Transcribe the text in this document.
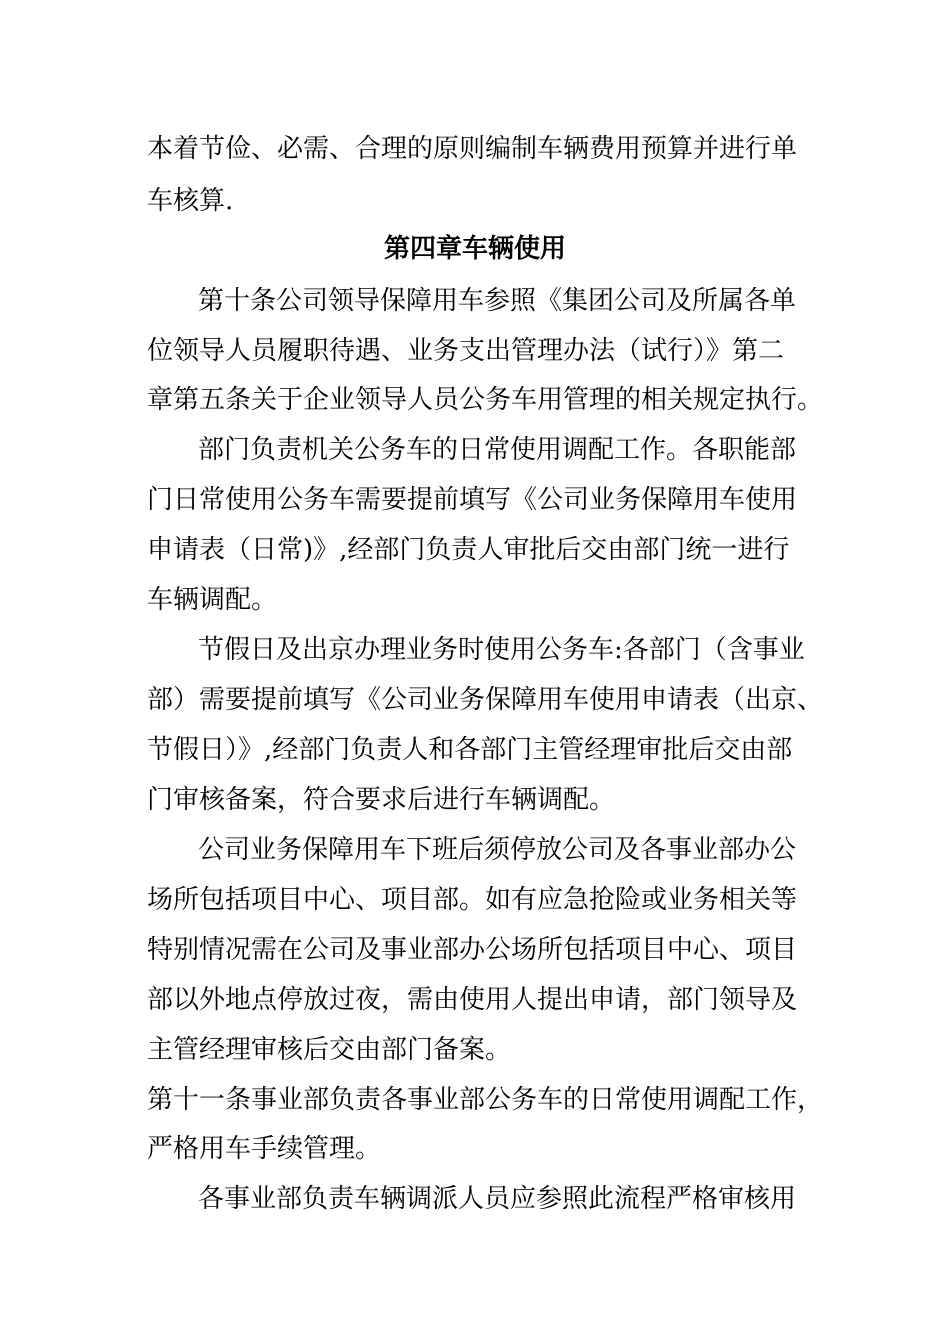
本着节俭、必需、合理的原则编制车辆费用预算并进行单
车核算.
第四章车辆使用
第十条公司领导保障用车参照《集团公司及所属各单
位领导人员履职待遇、业务支出管理办法（试行）》第二
章第五条关于企业领导人员公务车用管理的相关规定执行。
部门负责机关公务车的日常使用调配工作。各职能部
门日常使用公务车需要提前填写《公司业务保障用车使用
申请表（日常)》,经部门负责人审批后交由部门统一进行
车辆调配。
节假日及出京办理业务时使用公务车:各部门（含事业
部）需要提前填写《公司业务保障用车使用申请表（出京、
节假日）》,经部门负责人和各部门主管经理审批后交由部
门审核备案，符合要求后进行车辆调配。
公司业务保障用车下班后须停放公司及各事业部办公
场所包括项目中心、项目部。如有应急抢险或业务相关等
特别情况需在公司及事业部办公场所包括项目中心、项目
部以外地点停放过夜，需由使用人提出申请，部门领导及
主管经理审核后交由部门备案。
第十一条事业部负责各事业部公务车的日常使用调配工作，
严格用车手续管理。
各事业部负责车辆调派人员应参照此流程严格审核用
